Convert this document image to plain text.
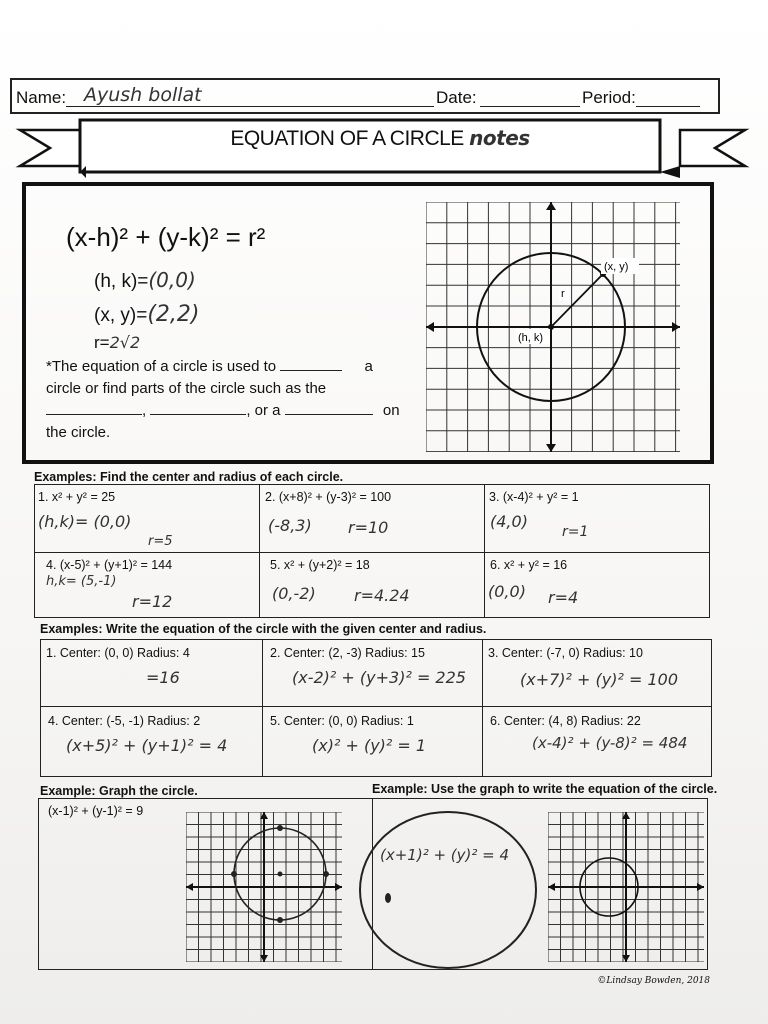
Name: Ayush bollat	Date:	Period:
EQUATION OF A CIRCLE notes
(x-h)² + (y-k)² = r²
(h, k)=(0,0)
(x, y)=(2,2)
r=2√2
*The equation of a circle is used to	a
circle or find parts of the circle such as the
,	, or a	on
the circle.
(x, y)
(h, k)
r
Examples: Find the center and radius of each circle.
1. x² + y² = 25
(h,k)= (0,0)
r=5
2. (x+8)² + (y-3)² = 100
(-8,3) r=10
3. (x-4)² + y² = 1
(4,0)
r=1
4. (x-5)² + (y+1)² = 144
h,k= (5,-1)
r=12
5. x² + (y+2)² = 18
(0,-2) r=4.24
6. x² + y² = 16
(0,0) r=4
Examples: Write the equation of the circle with the given center and radius.
1. Center: (0, 0) Radius: 4
=16
2. Center: (2, -3) Radius: 15
(x-2)² + (y+3)² = 225
3. Center: (-7, 0) Radius: 10
(x+7)² + (y)² = 100
4. Center: (-5, -1) Radius: 2
(x+5)² + (y+1)² = 4
5. Center: (0, 0) Radius: 1
(x)² + (y)² = 1
6. Center: (4, 8) Radius: 22
(x-4)² + (y-8)² = 484
Example: Graph the circle.	Example: Use the graph to write the equation of the circle.
(x-1)² + (y-1)² = 9
(x+1)² + (y)² = 4
©Lindsay Bowden, 2018
